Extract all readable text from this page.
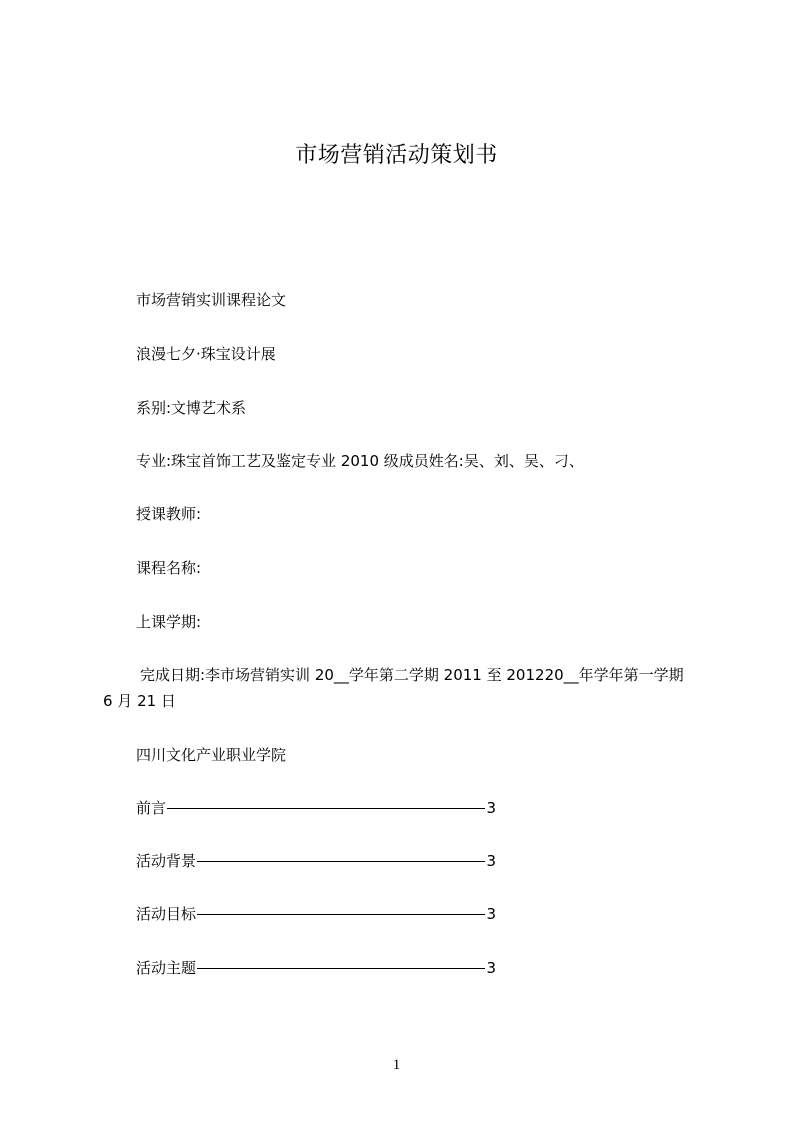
市场营销活动策划书
市场营销实训课程论文
浪漫七夕·珠宝设计展
系别:文博艺术系
专业:珠宝首饰工艺及鉴定专业 2010 级成员姓名:吴、刘、吴、刁、
授课教师:
课程名称:
上课学期:
完成日期:李市场营销实训 20__学年第二学期 2011 至 201220__年学年第一学期
6 月 21 日
四川文化产业职业学院
前言	3
活动背景	3
活动目标	3
活动主题	3
1
